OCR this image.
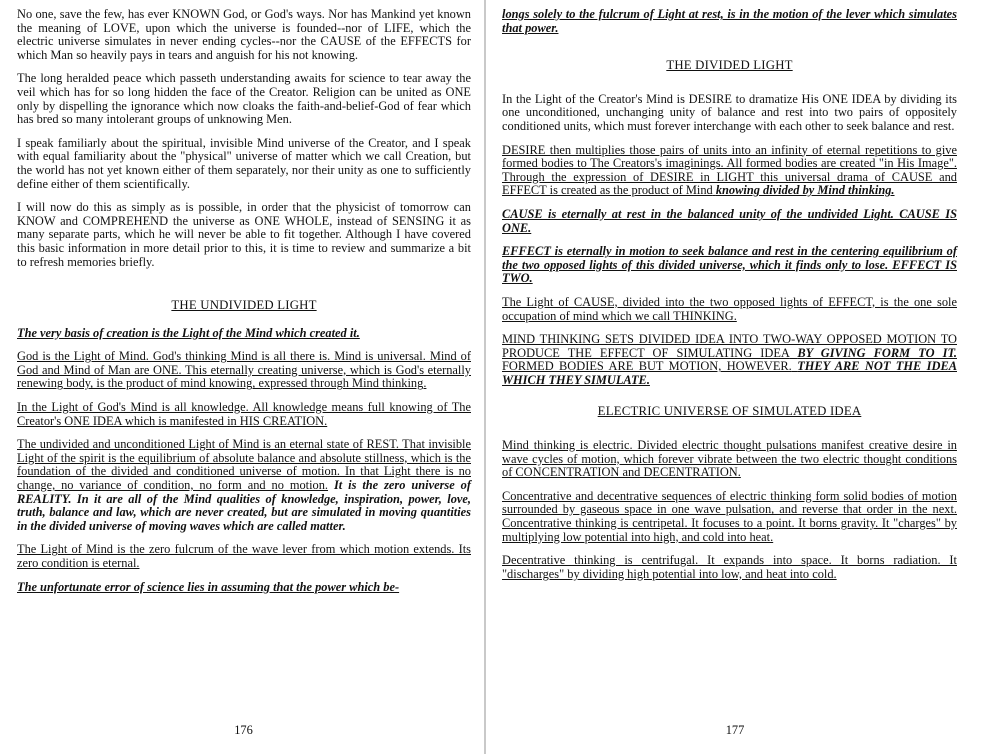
No one, save the few, has ever KNOWN God, or God's ways. Nor has Mankind yet known the meaning of LOVE, upon which the universe is founded--nor of LIFE, which the electric universe simulates in never ending cycles--nor the CAUSE of the EFFECTS for which Man so heavily pays in tears and anguish for his not knowing.

The long heralded peace which passeth understanding awaits for science to tear away the veil which has for so long hidden the face of the Creator. Religion can be united as ONE only by dispelling the ignorance which now cloaks the faith-and-belief-God of fear which has bred so many intolerant groups of unknowing Men.

I speak familiarly about the spiritual, invisible Mind universe of the Creator, and I speak with equal familiarity about the "physical" universe of matter which we call Creation, but the world has not yet known either of them separately, nor their unity as one to sufficiently define either of them scientifically.

I will now do this as simply as is possible, in order that the physicist of tomorrow can KNOW and COMPREHEND the universe as ONE WHOLE, instead of SENSING it as many separate parts, which he will never be able to fit together. Although I have covered this basic information in more detail prior to this, it is time to review and summarize a bit to refresh memories briefly.

THE UNDIVIDED LIGHT

The very basis of creation is the Light of the Mind which created it.

God is the Light of Mind. God's thinking Mind is all there is. Mind is universal. Mind of God and Mind of Man are ONE. This eternally creating universe, which is God's eternally renewing body, is the product of mind knowing, expressed through Mind thinking.

In the Light of God's Mind is all knowledge. All knowledge means full knowing of The Creator's ONE IDEA which is manifested in HIS CREATION.

The undivided and unconditioned Light of Mind is an eternal state of REST. That invisible Light of the spirit is the equilibrium of absolute balance and absolute stillness, which is the foundation of the divided and conditioned universe of motion. In that Light there is no change, no variance of condition, no form and no motion. It is the zero universe of REALITY. In it are all of the Mind qualities of knowledge, inspiration, power, love, truth, balance and law, which are never created, but are simulated in moving quantities in the divided universe of moving waves which are called matter.

The Light of Mind is the zero fulcrum of the wave lever from which motion extends. Its zero condition is eternal.

The unfortunate error of science lies in assuming that the power which be-

176

longs solely to the fulcrum of Light at rest, is in the motion of the lever which simulates that power.

THE DIVIDED LIGHT

In the Light of the Creator's Mind is DESIRE to dramatize His ONE IDEA by dividing its one unconditioned, unchanging unity of balance and rest into two pairs of oppositely conditioned units, which must forever interchange with each other to seek balance and rest.

DESIRE then multiplies those pairs of units into an infinity of eternal repetitions to give formed bodies to The Creators's imaginings. All formed bodies are created "in His Image". Through the expression of DESIRE in LIGHT this universal drama of CAUSE and EFFECT is created as the product of Mind knowing divided by Mind thinking.

CAUSE is eternally at rest in the balanced unity of the undivided Light. CAUSE IS ONE.

EFFECT is eternally in motion to seek balance and rest in the centering equilibrium of the two opposed lights of this divided universe, which it finds only to lose. EFFECT IS TWO.

The Light of CAUSE, divided into the two opposed lights of EFFECT, is the one sole occupation of mind which we call THINKING.

MIND THINKING SETS DIVIDED IDEA INTO TWO-WAY OPPOSED MOTION TO PRODUCE THE EFFECT OF SIMULATING IDEA BY GIVING FORM TO IT. FORMED BODIES ARE BUT MOTION, HOWEVER. THEY ARE NOT THE IDEA WHICH THEY SIMULATE.

ELECTRIC UNIVERSE OF SIMULATED IDEA

Mind thinking is electric. Divided electric thought pulsations manifest creative desire in wave cycles of motion, which forever vibrate between the two electric thought conditions of CONCENTRATION and DECENTRATION.

Concentrative and decentrative sequences of electric thinking form solid bodies of motion surrounded by gaseous space in one wave pulsation, and reverse that order in the next. Concentrative thinking is centripetal. It focuses to a point. It borns gravity. It "charges" by multiplying low potential into high, and cold into heat.

Decentrative thinking is centrifugal. It expands into space. It borns radiation. It "discharges" by dividing high potential into low, and heat into cold.

177
